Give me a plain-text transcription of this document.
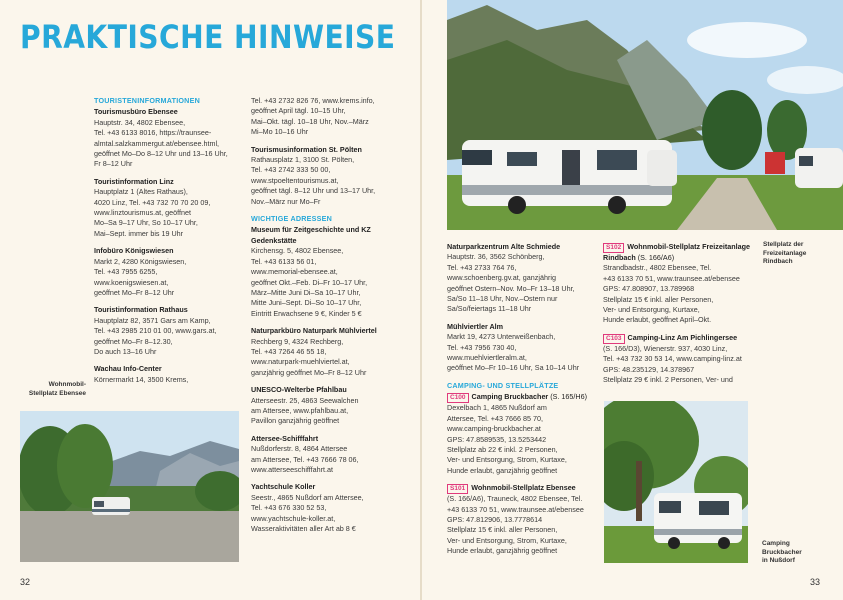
PRAKTISCHE HINWEISE
TOURISTENINFORMATIONEN

Tourismusbüro Ebensee
Hauptstr. 34, 4802 Ebensee,
Tel. +43 6133 8016, https://traunsee-
almtal.salzkammergut.at/ebensee.html,
geöffnet Mo–Do 8–12 Uhr und 13–16 Uhr,
Fr 8–12 Uhr

Touristinformation Linz
Hauptplatz 1 (Altes Rathaus),
4020 Linz, Tel. +43 732 70 70 20 09,
www.linztourismus.at, geöffnet
Mo–Sa 9–17 Uhr, So 10–17 Uhr,
Mai–Sept. immer bis 19 Uhr

Infobüro Königswiesen
Markt 2, 4280 Königswiesen,
Tel. +43 7955 6255,
www.koenigswiesen.at,
geöffnet Mo–Fr 8–12 Uhr

Touristinformation Rathaus
Hauptplatz 82, 3571 Gars am Kamp,
Tel. +43 2985 210 01 00, www.gars.at,
geöffnet Mo–Fr 8–12.30,
Do auch 13–16 Uhr

Wachau Info-Center
Körnermarkt 14, 3500 Krems,

Tel. +43 2732 826 76, www.krems.info,
geöffnet April tägl. 10–15 Uhr,
Mai–Okt. tägl. 10–18 Uhr, Nov.–März
Mi–Mo 10–16 Uhr

Tourismusinformation St. Pölten
Rathausplatz 1, 3100 St. Pölten,
Tel. +43 2742 333 50 00,
www.stpoeltentourismus.at,
geöffnet tägl. 8–12 Uhr und 13–17 Uhr,
Nov.–März nur Mo–Fr

WICHTIGE ADRESSEN

Museum für Zeitgeschichte und KZ Gedenkstätte
Kirchensg. 5, 4802 Ebensee,
Tel. +43 6133 56 01,
www.memorial-ebensee.at,
geöffnet Okt.–Feb. Di–Fr 10–17 Uhr,
März–Mitte Juni Di–Sa 10–17 Uhr,
Mitte Juni–Sept. Di–So 10–17 Uhr,
Eintritt Erwachsene 9 €, Kinder 5 €

Naturparkbüro Naturpark Mühlviertel
Rechberg 9, 4324 Rechberg,
Tel. +43 7264 46 55 18,
www.naturpark-muehlviertel.at,
ganzjährig geöffnet Mo–Fr 8–12 Uhr

UNESCO-Welterbe Pfahlbau
Atterseestr. 25, 4863 Seewalchen
am Attersee, www.pfahlbau.at,
Pavillon ganzjährig geöffnet

Attersee-Schifffahrt
Nußdorferstr. 8, 4864 Attersee
am Attersee, Tel. +43 7666 78 06,
www.atterseeschifffahrt.at

Yachtschule Koller
Seestr., 4865 Nußdorf am Attersee,
Tel. +43 676 330 52 53,
www.yachtschule-koller.at,
Wasseraktivitäten aller Art ab 8 €

Naturparkzentrum Alte Schmiede
Hauptstr. 36, 3562 Schönberg,
Tel. +43 2733 764 76,
www.schoenberg.gv.at, ganzjährig
geöffnet Ostern–Nov. Mo–Fr 13–18 Uhr,
Sa/So 11–18 Uhr, Nov.–Ostern nur
Sa/So/feiertags 11–18 Uhr

Mühlviertler Alm
Markt 19, 4273 Unterweißenbach,
Tel. +43 7956 730 40,
www.muehlviertleralm.at,
geöffnet Mo–Fr 10–16 Uhr, Sa 10–14 Uhr

CAMPING- UND STELLPLÄTZE

C100 Camping Bruckbacher (S. 165/H6)
Dexelbach 1, 4865 Nußdorf am
Attersee, Tel. +43 7666 85 70,
www.camping-bruckbacher.at
GPS: 47.8589535, 13.5253442
Stellplatz ab 22 € inkl. 2 Personen,
Ver- und Entsorgung, Strom, Kurtaxe,
Hunde erlaubt, ganzjährig geöffnet

S101 Wohnmobil-Stellplatz Ebensee
(S. 166/A6), Trauneck, 4802 Ebensee, Tel.
+43 6133 70 51, www.traunsee.at/ebensee
GPS: 47.812906, 13.7778614
Stellplatz 15 € inkl. aller Personen,
Ver- und Entsorgung, Strom, Kurtaxe,
Hunde erlaubt, ganzjährig geöffnet

S102 Wohnmobil-Stellplatz Freizeitanlage Rindbach (S. 166/A6)
Strandbadstr., 4802 Ebensee, Tel.
+43 6133 70 51, www.traunsee.at/ebensee
GPS: 47.808907, 13.789968
Stellplatz 15 € inkl. aller Personen,
Ver- und Entsorgung, Kurtaxe,
Hunde erlaubt, geöffnet April–Okt.

C103 Camping-Linz Am Pichlingersee
(S. 166/D3), Wienerstr. 937, 4030 Linz,
Tel. +43 732 30 53 14, www.camping-linz.at
GPS: 48.235129, 14.378967
Stellplatz 29 € inkl. 2 Personen, Ver- und

Wohnmobil-
Stellplatz Ebensee
Stellplatz der
Freizeitanlage
Rindbach
Camping
Bruckbacher
in Nußdorf
32	33
